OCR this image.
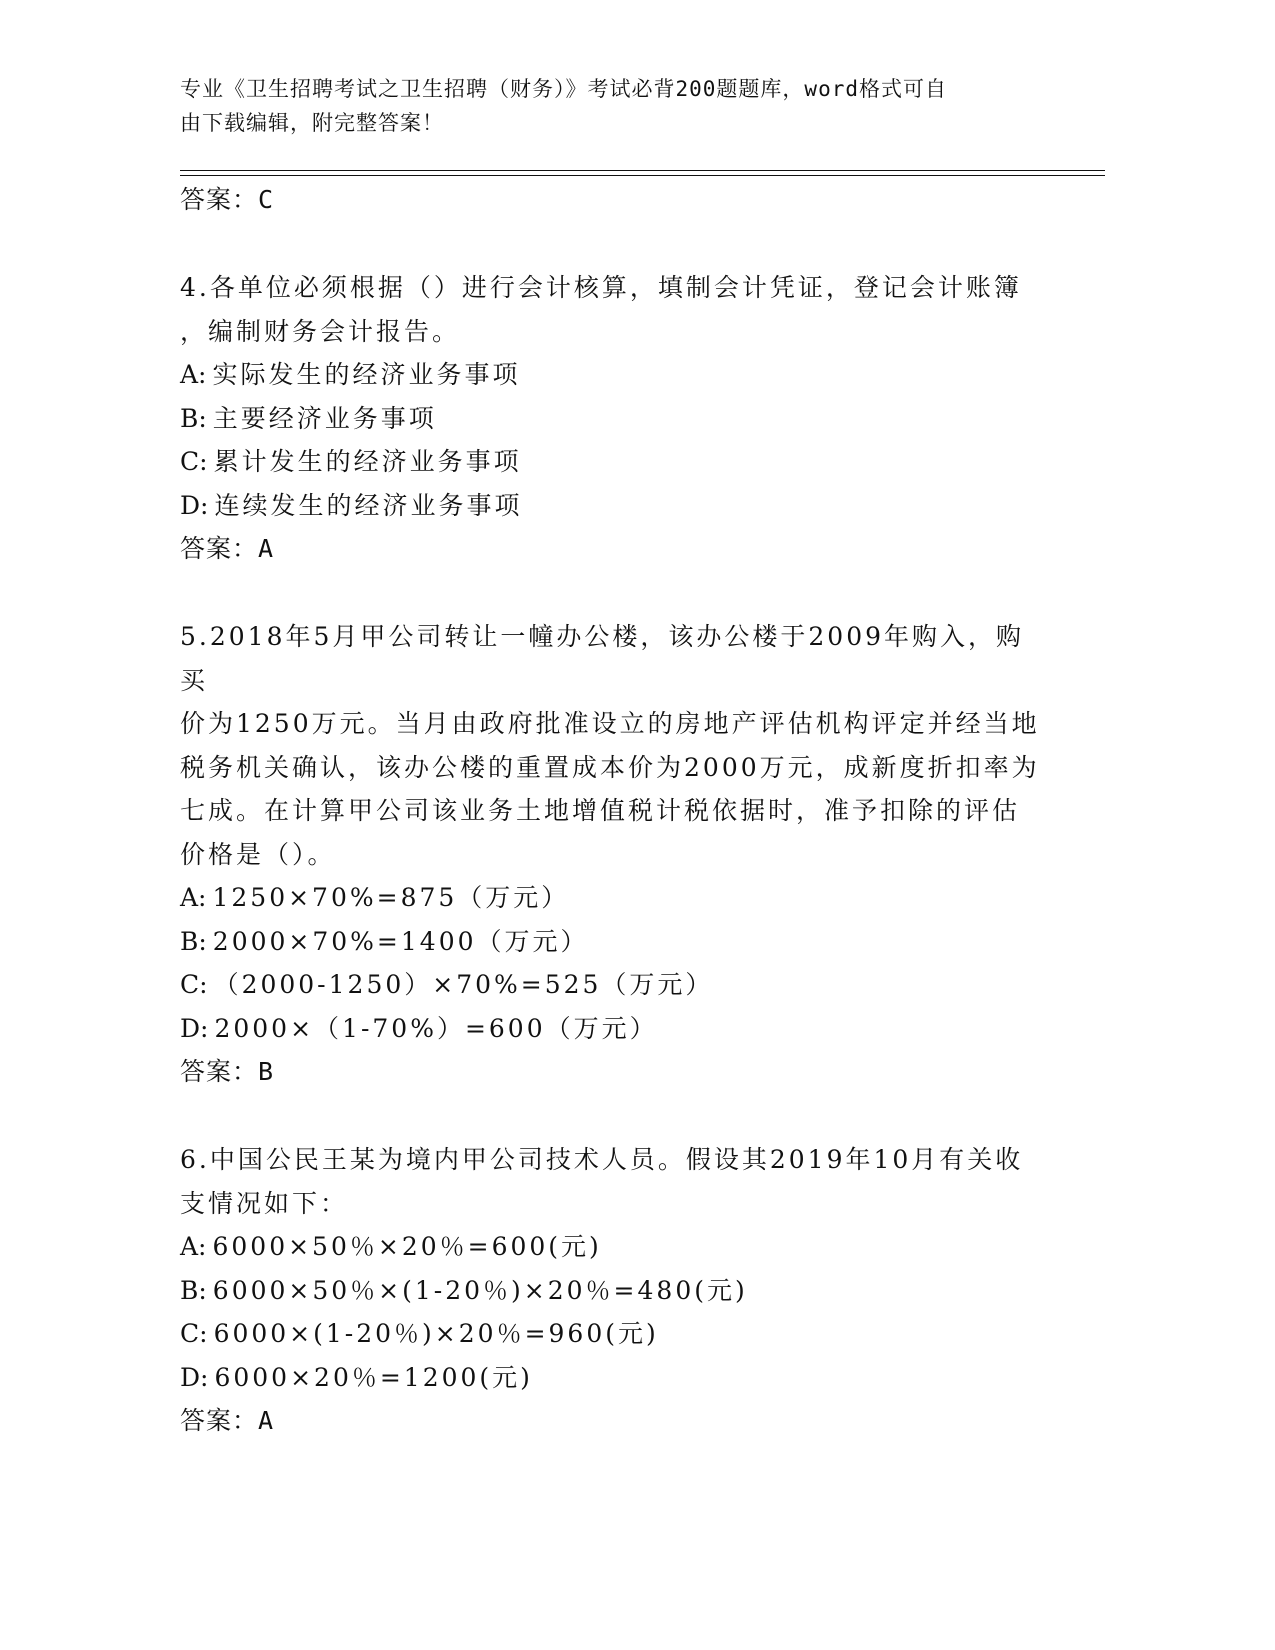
专业《卫生招聘考试之卫生招聘（财务）》考试必背200题题库，word格式可自
由下载编辑，附完整答案！

答案：C

4.各单位必须根据（）进行会计核算，填制会计凭证，登记会计账簿

，编制财务会计报告。

A: 实际发生的经济业务事项

B: 主要经济业务事项

C: 累计发生的经济业务事项

D: 连续发生的经济业务事项

答案：A

5.2018年5月甲公司转让一幢办公楼，该办公楼于2009年购入，购买

价为1250万元。当月由政府批准设立的房地产评估机构评定并经当地

税务机关确认，该办公楼的重置成本价为2000万元，成新度折扣率为

七成。在计算甲公司该业务土地增值税计税依据时，准予扣除的评估

价格是（）。

A: 1250×70%=875（万元）

B: 2000×70%=1400（万元）

C: （2000-1250）×70%=525（万元）

D: 2000×（1-70%）=600（万元）

答案：B

6.中国公民王某为境内甲公司技术人员。假设其2019年10月有关收

支情况如下：

A: 6000×50％×20％=600(元)

B: 6000×50％×(1-20％)×20％=480(元)

C: 6000×(1-20％)×20％=960(元)

D: 6000×20％=1200(元)

答案：A
